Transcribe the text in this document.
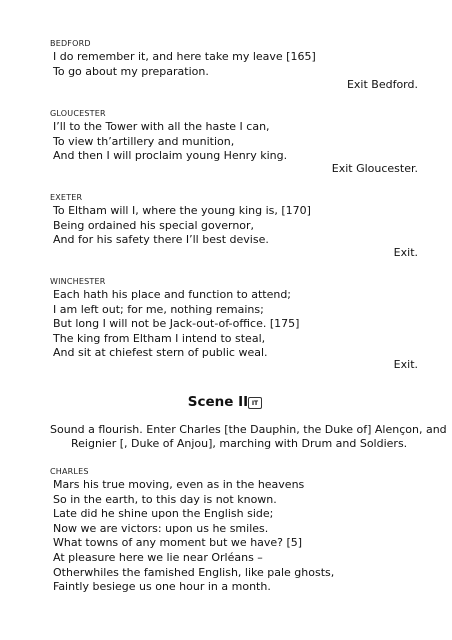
BEDFORD
I do remember it, and here take my leave [165]
To go about my preparation.
Exit Bedford.
GLOUCESTER
I’ll to the Tower with all the haste I can,
To view th’artillery and munition,
And then I will proclaim young Henry king.
Exit Gloucester.
EXETER
To Eltham will I, where the young king is, [170]
Being ordained his special governor,
And for his safety there I’ll best devise.
Exit.
WINCHESTER
Each hath his place and function to attend;
I am left out; for me, nothing remains;
But long I will not be Jack-out-of-office. [175]
The king from Eltham I intend to steal,
And sit at chiefest stern of public weal.
Exit.
Scene II IT
Sound a flourish. Enter Charles [the Dauphin, the Duke of] Alençon, and
Reignier [, Duke of Anjou], marching with Drum and Soldiers.
CHARLES
Mars his true moving, even as in the heavens
So in the earth, to this day is not known.
Late did he shine upon the English side;
Now we are victors: upon us he smiles.
What towns of any moment but we have? [5]
At pleasure here we lie near Orléans –
Otherwhiles the famished English, like pale ghosts,
Faintly besiege us one hour in a month.
